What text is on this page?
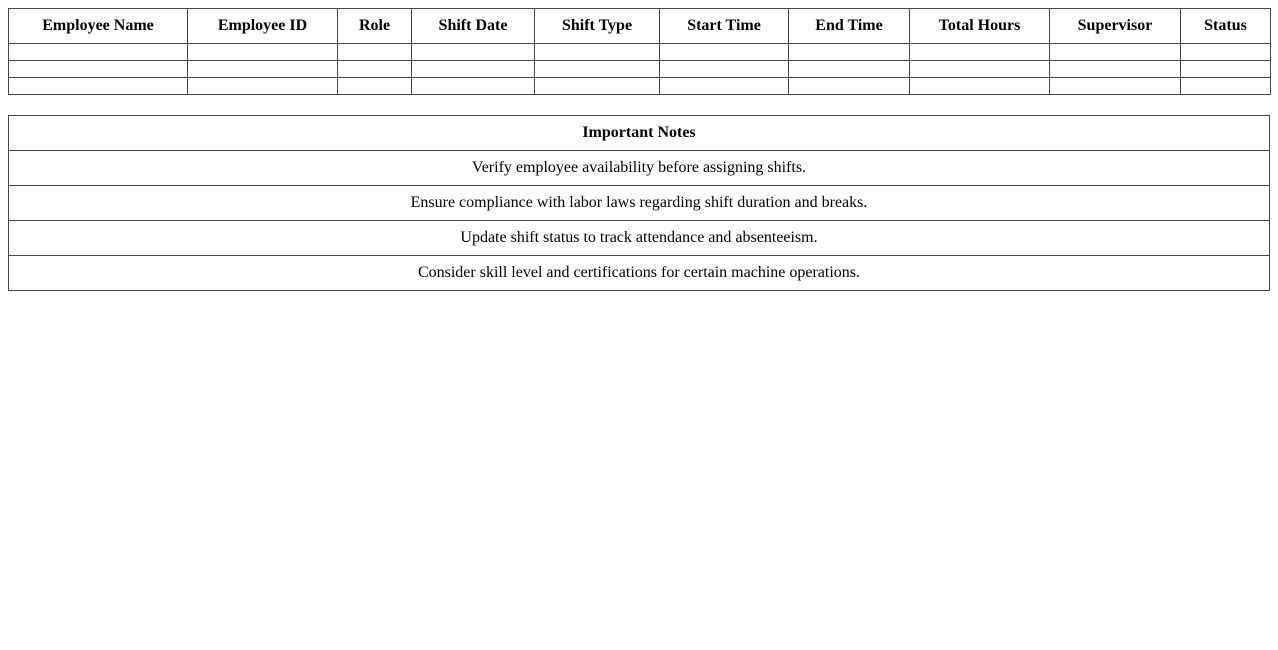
Employee Name	Employee ID	Role	Shift Date	Shift Type	Start Time	End Time	Total Hours	Supervisor	Status

Important Notes
Verify employee availability before assigning shifts.
Ensure compliance with labor laws regarding shift duration and breaks.
Update shift status to track attendance and absenteeism.
Consider skill level and certifications for certain machine operations.
